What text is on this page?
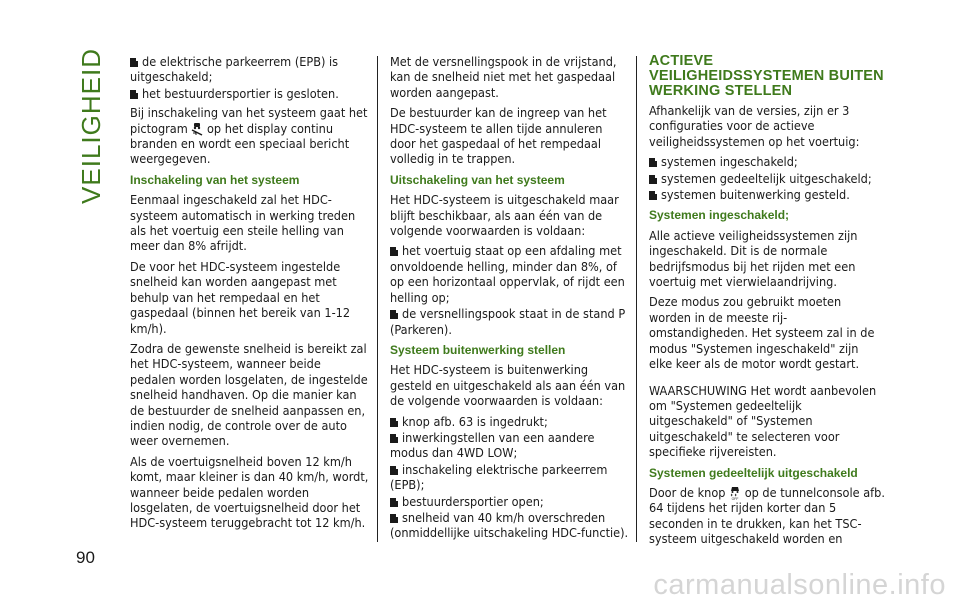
VEILIGHEID
90
de elektrische parkeerrem (EPB) is uitgeschakeld;
het bestuurdersportier is gesloten.

Bij inschakeling van het systeem gaat het pictogram op het display continu branden en wordt een speciaal bericht weergegeven.

Inschakeling van het systeem

Eenmaal ingeschakeld zal het HDC-systeem automatisch in werking treden als het voertuig een steile helling van meer dan 8% afrijdt.

De voor het HDC-systeem ingestelde snelheid kan worden aangepast met behulp van het rempedaal en het gaspedaal (binnen het bereik van 1-12 km/h).

Zodra de gewenste snelheid is bereikt zal het HDC-systeem, wanneer beide pedalen worden losgelaten, de ingestelde snelheid handhaven. Op die manier kan de bestuurder de snelheid aanpassen en, indien nodig, de controle over de auto weer overnemen.

Als de voertuigsnelheid boven 12 km/h komt, maar kleiner is dan 40 km/h, wordt, wanneer beide pedalen worden losgelaten, de voertuigsnelheid door het HDC-systeem teruggebracht tot 12 km/h.

Met de versnellingspook in de vrijstand, kan de snelheid niet met het gaspedaal worden aangepast.

De bestuurder kan de ingreep van het HDC-systeem te allen tijde annuleren door het gaspedaal of het rempedaal volledig in te trappen.

Uitschakeling van het systeem

Het HDC-systeem is uitgeschakeld maar blijft beschikbaar, als aan één van de volgende voorwaarden is voldaan:

het voertuig staat op een afdaling met onvoldoende helling, minder dan 8%, of op een horizontaal oppervlak, of rijdt een helling op;
de versnellingspook staat in de stand P (Parkeren).
Systeem buitenwerking stellen

Het HDC-systeem is buitenwerking gesteld en uitgeschakeld als aan één van de volgende voorwaarden is voldaan:

knop afb. 63 is ingedrukt;
inwerkingstellen van een aandere modus dan 4WD LOW;
inschakeling elektrische parkeerrem (EPB);
bestuurdersportier open;
snelheid van 40 km/h overschreden (onmiddellijke uitschakeling HDC-functie).
ACTIEVE VEILIGHEIDSSYSTEMEN BUITEN WERKING STELLEN

Afhankelijk van de versies, zijn er 3 configuraties voor de actieve veiligheidssystemen op het voertuig:

systemen ingeschakeld;
systemen gedeeltelijk uitgeschakeld;
systemen buitenwerking gesteld.
Systemen ingeschakeld;

Alle actieve veiligheidssystemen zijn ingeschakeld. Dit is de normale bedrijfsmodus bij het rijden met een voertuig met vierwielaandrijving.

Deze modus zou gebruikt moeten worden in de meeste rij-omstandigheden. Het systeem zal in de modus "Systemen ingeschakeld" zijn elke keer als de motor wordt gestart.

WAARSCHUWING Het wordt aanbevolen om "Systemen gedeeltelijk uitgeschakeld" of "Systemen uitgeschakeld" te selecteren voor specifieke rijvereisten.

Systemen gedeeltelijk uitgeschakeld

Door de knop OFF op de tunnelconsole afb. 64 tijdens het rijden korter dan 5 seconden in te drukken, kan het TSC-systeem uitgeschakeld worden en

carmanualsonline.info
